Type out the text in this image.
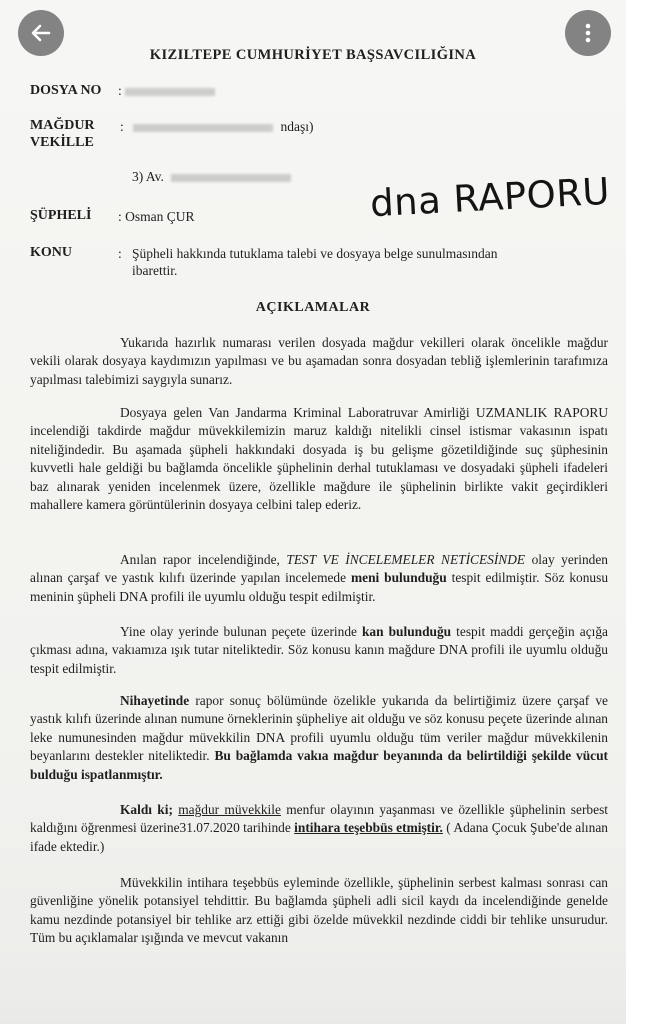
KIZILTEPE CUMHURİYET BAŞSAVCILIĞINA
DOSYA NO :
MAĞDUR
VEKİLLE
:	ndaşı)
3) Av.	dna RAPORU
ŞÜPHELİ : Osman ÇUR
KONU	: Şüpheli hakkında tutuklama talebi ve dosyaya belge sunulmasından
ibarettir.
AÇIKLAMALAR
Yukarıda hazırlık numarası verilen dosyada mağdur vekilleri olarak öncelikle mağdur vekili olarak dosyaya kaydımızın yapılması ve bu aşamadan sonra dosyadan tebliğ işlemlerinin tarafımıza yapılması talebimizi saygıyla sunarız.
Dosyaya gelen Van Jandarma Kriminal Laboratruvar Amirliği UZMANLIK RAPORU incelendiği takdirde mağdur müvekkilemizin maruz kaldığı nitelikli cinsel istismar vakasının ispatı niteliğindedir. Bu aşamada şüpheli hakkındaki dosyada iş bu gelişme gözetildiğinde suç şüphesinin kuvvetli hale geldiği bu bağlamda öncelikle şüphelinin derhal tutuklaması ve dosyadaki şüpheli ifadeleri baz alınarak yeniden incelenmek üzere, özellikle mağdure ile şüphelinin birlikte vakit geçirdikleri mahallere kamera görüntülerinin dosyaya celbini talep ederiz.
Anılan rapor incelendiğinde, TEST VE İNCELEMELER NETİCESİNDE olay yerinden alınan çarşaf ve yastık kılıfı üzerinde yapılan incelemede meni bulunduğu tespit edilmiştir. Söz konusu meninin şüpheli DNA profili ile uyumlu olduğu tespit edilmiştir.
Yine olay yerinde bulunan peçete üzerinde kan bulunduğu tespit maddi gerçeğin açığa çıkması adına, vakıamıza ışık tutar niteliktedir. Söz konusu kanın mağdure DNA profili ile uyumlu olduğu tespit edilmiştir.
Nihayetinde rapor sonuç bölümünde özelikle yukarıda da belirtiğimiz üzere çarşaf ve yastık kılıfı üzerinde alınan numune örneklerinin şüpheliye ait olduğu ve söz konusu peçete üzerinde alınan leke numunesinden mağdur müvekkilin DNA profili uyumlu olduğu tüm veriler mağdur müvekkilenin beyanlarını destekler niteliktedir. Bu bağlamda vakıa mağdur beyanında da belirtildiği şekilde vücut bulduğu ispatlanmıştır.
Kaldı ki; mağdur müvekkile menfur olayının yaşanması ve özellikle şüphelinin serbest kaldığını öğrenmesi üzerine31.07.2020 tarihinde intihara teşebbüs etmiştir. ( Adana Çocuk Şube'de alınan ifade ektedir.)
Müvekkilin intihara teşebbüs eyleminde özellikle, şüphelinin serbest kalması sonrası can güvenliğine yönelik potansiyel tehdittir. Bu bağlamda şüpheli adli sicil kaydı da incelendiğinde genelde kamu nezdinde potansiyel bir tehlike arz ettiği gibi özelde müvekkil nezdinde ciddi bir tehlike unsurudur. Tüm bu açıklamalar ışığında ve mevcut vakanın
